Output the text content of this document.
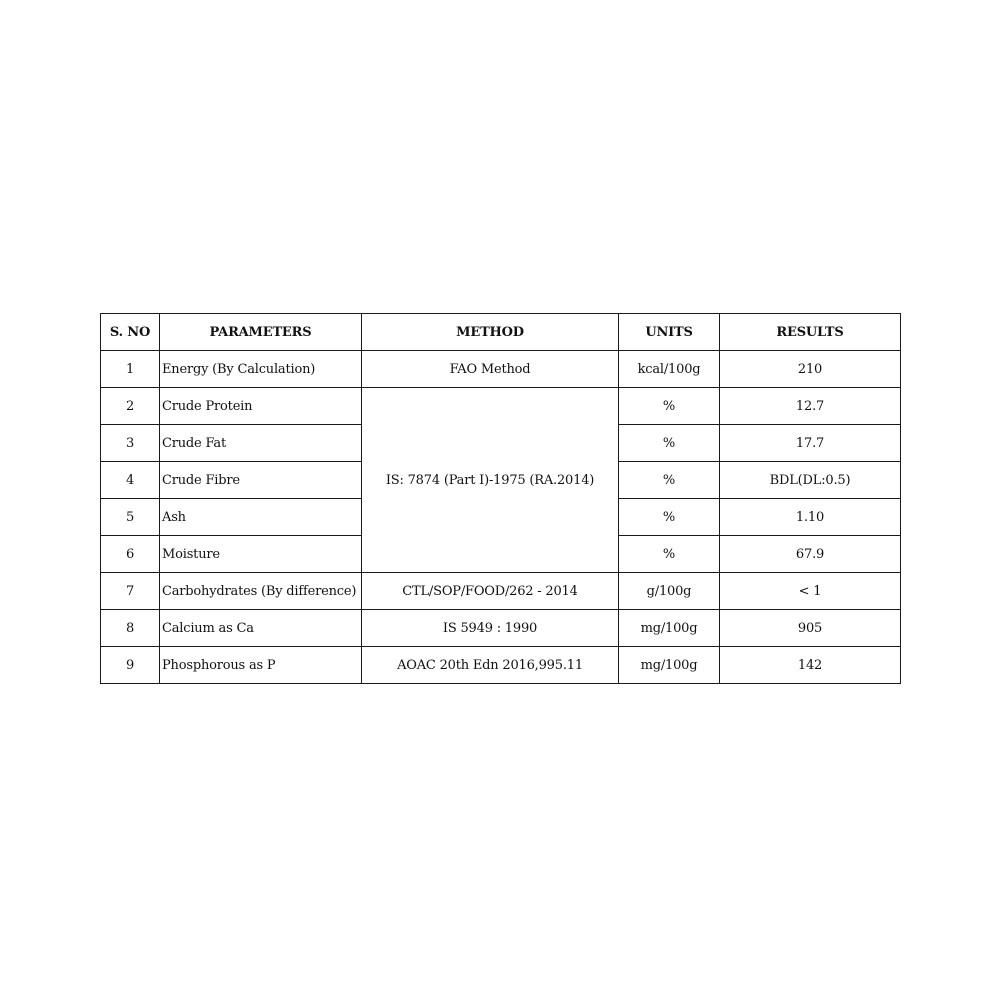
S. NO	PARAMETERS	METHOD	UNITS	RESULTS
1	Energy (By Calculation)	FAO Method	kcal/100g	210
2	Crude Protein	IS: 7874 (Part I)-1975 (RA.2014)	%	12.7
3	Crude Fat		%	17.7
4	Crude Fibre		%	BDL(DL:0.5)
5	Ash		%	1.10
6	Moisture		%	67.9
7	Carbohydrates (By difference)	CTL/SOP/FOOD/262 - 2014	g/100g	< 1
8	Calcium as Ca	IS 5949 : 1990	mg/100g	905
9	Phosphorous as P	AOAC 20th Edn 2016,995.11	mg/100g	142
